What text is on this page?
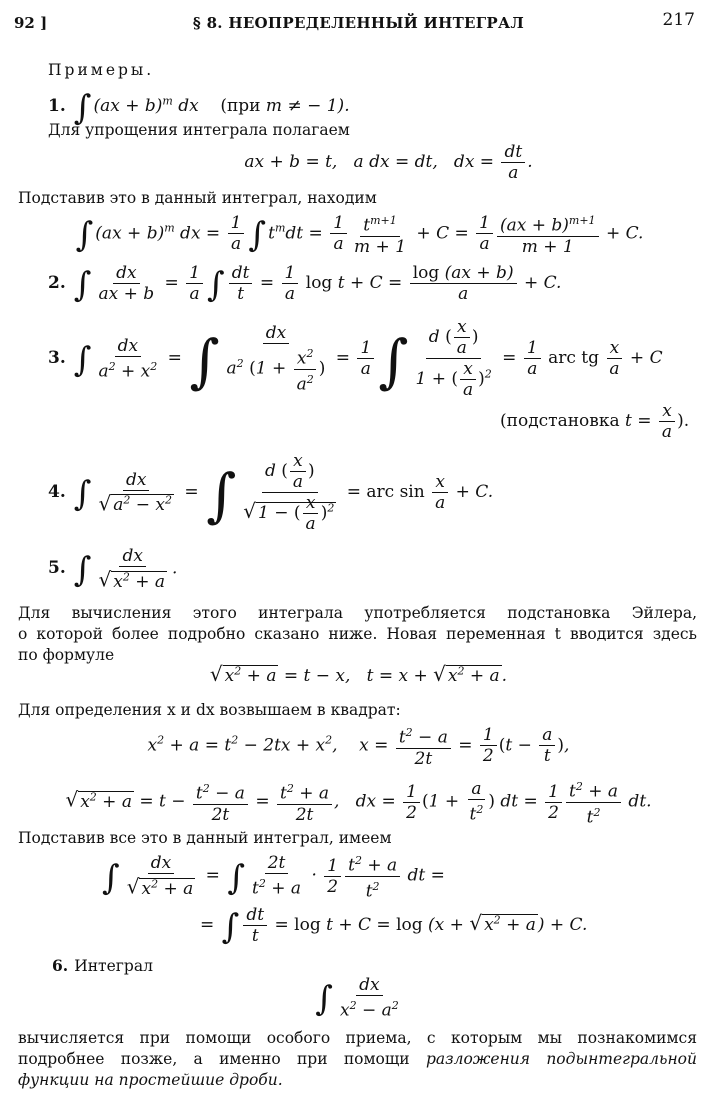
92 ]	§ 8. НЕОПРЕДЕЛЕННЫЙ ИНТЕГРАЛ	217
Примеры.
1. ∫ (ax + b)$^m$ dx    (при m ≠ − 1).
Для упрощения интеграла полагаем
ax + b = t,   a dx = dt,   dx = $\frac{dt}{a}$ .
Подставив это в данный интеграл, находим
∫ (ax + b)$^m$ dx = $\frac{1}{a}$ ∫ $t^mdt = \frac{1}{a} \frac{t^{m+1}}{m + 1} + C = \frac{1}{a} \frac{(ax + b)^{m+1}}{m + 1} + C$.
2. ∫ $\frac{dx}{ax + b} = \frac{1}{a}$ ∫ $\frac{dt}{t} = \frac{1}{a}$ $\log t + C = \frac{\log (ax + b)}{a} + C$.
3. ∫ $\frac{dx}{a^2 + x^2}$ = ∫ $\frac{dx}{a^2 (1 + \frac{x^2}{a^2} )} = \frac{1}{a}$ ∫ $\frac{d ( \frac{x}{a} )}{1 + ( \frac{x}{a} )^2} = \frac{1}{a}$ arc tg $\frac{x}{a} + C$
(подстановка $t = \frac{x}{a}$ ).
4. ∫ $\frac{dx}{√ a^2 - x^2}$ = ∫ $\frac{d ( \frac{x}{a} )}{√ 1 - ( \frac{x}{a} )^2}$ = arc $\sin \frac{x}{a} + C$.
5. ∫ $\frac{dx}{√ x^2 + a}$ .
Для вычисления этого интеграла употребляется подстановка Эйлера,
о которой более подробно сказано ниже. Новая переменная t вводится здесь
по формуле
√ $x^2 + a = t - x$,   t = x + √ $x^2 + a$ .
Для определения x и dx возвышаем в квадрат:
$x^2 + a = t^2 - 2tx + x^2$,    $x = \frac{t^2 - a}{2t} = \frac{1}{2} (t - \frac{a}{t}$ ),
√ $x^2 + a = t - \frac{t^2 - a}{2t} = \frac{t^2 + a}{2t}$ ,   dx = $\frac{1}{2} (1 + \frac{a}{t^2}$ ) dt = $\frac{1}{2} \frac{t^2 + a}{t^2}$ dt.
Подставив все это в данный интеграл, имеем
∫ $\frac{dx}{√ x^2 + a}$ = ∫ $\frac{2t}{t^2 + a} \cdot \frac{1}{2} \frac{t^2 + a}{t^2}$ dt =
= ∫ $\frac{dt}{t} = \log t + C = \log (x$ + √ $x^2 + a$ ) + C.
6. Интеграл
∫ $\frac{dx}{x^2 - a^2}$
вычисляется при помощи особого приема, с которым мы познакомимся
подробнее позже, а именно при помощи разложения подынтегральной
функции на простейшие дроби.
